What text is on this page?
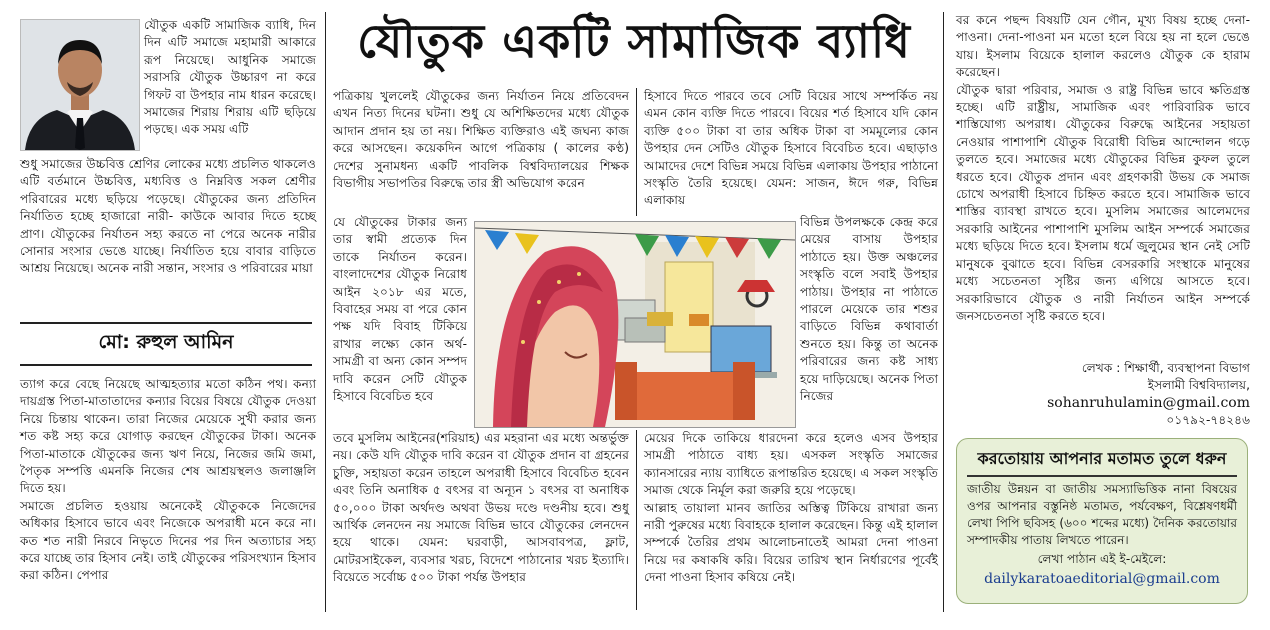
যৌতুক একটি সামাজিক ব্যাধি

যৌতুক একটি সামাজিক ব্যাধি, দিন দিন এটি সমাজে মহামারী আকারে রূপ নিয়েছে। আধুনিক সমাজে সরাসরি যৌতুক উচ্চারণ না করে গিফট বা উপহার নাম ধারন করেছে। সমাজের শিরায় শিরায় এটি ছড়িয়ে পড়ছে। এক সময় এটি

শুধু সমাজের উচ্চবিত্ত শ্রেণির লোকের মধ্যে প্রচলিত থাকলেও এটি বর্তমানে উচ্চবিত্ত, মধ্যবিত্ত ও নিম্নবিত্ত সকল শ্রেণীর পরিবারের মধ্যে ছড়িয়ে পড়েছে। যৌতুকের জন্য প্রতিদিন নির্যাতিত হচ্ছে হাজারো নারী- কাউকে আবার দিতে হচ্ছে প্রাণ। যৌতুকের নির্যাতন সহ্য করতে না পেরে অনেক নারীর সোনার সংসার ভেঙে যাচ্ছে। নির্যাতিত হয়ে বাবার বাড়িতে আশ্রয় নিয়েছে। অনেক নারী সন্তান, সংসার ও পরিবারের মায়া

মো: রুহুল আমিন

ত্যাগ করে বেছে নিয়েছে আত্মহত্যার মতো কঠিন পথ। কন্যা দায়গ্রস্ত পিতা-মাতাতাদের কন্যার বিয়ের বিষয়ে যৌতুক দেওয়া নিয়ে চিন্তায় থাকেন। তারা নিজের মেয়েকে সুখী করার জন্য শত কষ্ট সহ্য করে যোগাড় করছেন যৌতুকের টাকা। অনেক পিতা-মাতাকে যৌতুকের জন্য ঋণ নিয়ে, নিজের জমি জমা, পৈতৃক সম্পত্তি এমনকি নিজের শেষ আশ্রয়স্থলও জলাঞ্জলি দিতে হয়।

সমাজে প্রচলিত হওয়ায় অনেকেই যৌতুককে নিজেদের অধিকার হিসাবে ভাবে এবং নিজেকে অপরাধী মনে করে না। কত শত নারী নিরবে নিভৃতে দিনের পর দিন অত্যাচার সহ্য করে যাচ্ছে তার হিসাব নেই। তাই যৌতুকের পরিসংখ্যান হিসাব করা কঠিন। পেপার

পত্রিকায় খুললেই যৌতুকের জন্য নির্যাতন নিয়ে প্রতিবেদন এখন নিত্য দিনের ঘটনা। শুধু যে অশিক্ষিতদের মধ্যে যৌতুক আদান প্রদান হয় তা নয়। শিক্ষিত ব্যক্তিরাও এই জঘন্য কাজ করে আসছেন। কয়েকদিন আগে পত্রিকায় ( কালের কণ্ঠ) দেশের সুনামধন্য একটি পাবলিক বিশ্ববিদ্যালয়ের শিক্ষক বিভাগীয় সভাপতির বিরুদ্ধে তার স্ত্রী অভিযোগ করেন

যে যৌতুকের টাকার জন্য তার স্বামী প্রত্যেক দিন তাকে নির্যাতন করেন। বাংলাদেশের যৌতুক নিরোধ আইন ২০১৮ এর মতে, বিবাহের সময় বা পরে কোন পক্ষ যদি বিবাহ টিকিয়ে রাখার লক্ষ্যে কোন অর্থ-সামগ্রী বা অন্য কোন সম্পদ দাবি করেন সেটি যৌতুক হিসাবে বিবেচিত হবে

তবে মুসলিম আইনের(শরিয়াহ) এর মহরানা এর মধ্যে অন্তর্ভুক্ত নয়। কেউ যদি যৌতুক দাবি করেন বা যৌতুক প্রদান বা গ্রহনের চুক্তি, সহায়তা করেন তাহলে অপরাধী হিসাবে বিবেচিত হবেন এবং তিনি অনাধিক ৫ বৎসর বা অন্যূন ১ বৎসর বা অনাধিক ৫০,০০০ টাকা অর্থদণ্ড অথবা উভয় দণ্ডে দণ্ডনীয় হবে। শুধু আর্থিক লেনদেন নয় সমাজে বিভিন্ন ভাবে যৌতুকের লেনদেন হয়ে থাকে। যেমন: ঘরবাড়ী, আসবাবপত্র, ফ্লাট, মোটরসাইকেল, ব্যবসার খরচ, বিদেশে পাঠানোর খরচ ইত্যাদি। বিয়েতে সর্বোচ্চ ৫০০ টাকা পর্যন্ত উপহার

হিসাবে দিতে পারবে তবে সেটি বিয়ের সাথে সম্পর্কিত নয় এমন কোন ব্যক্তি দিতে পারবে। বিয়ের শর্ত হিসাবে যদি কোন ব্যক্তি ৫০০ টাকা বা তার অধিক টাকা বা সমমূল্যের কোন উপহার দেন সেটিও যৌতুক হিসাবে বিবেচিত হবে। এছাড়াও আমাদের দেশে বিভিন্ন সময়ে বিভিন্ন এলাকায় উপহার পাঠানো সংস্কৃতি তৈরি হয়েছে। যেমন: সাজন, ঈদে গরু, বিভিন্ন এলাকায়

বিভিন্ন উপলক্ষকে কেন্দ্র করে মেয়ের বাসায় উপহার পাঠাতে হয়। উক্ত অঞ্চলের সংস্কৃতি বলে সবাই উপহার পাঠায়। উপহার না পাঠাতে পারলে মেয়েকে তার শশুর বাড়িতে বিভিন্ন কথাবার্তা শুনতে হয়। কিন্তু তা অনেক পরিবারের জন্য কষ্ট সাধ্য হয়ে দাড়িয়েছে। অনেক পিতা নিজের

মেয়ের দিকে তাকিয়ে ধারদেনা করে হলেও এসব উপহার সামগ্রী পাঠাতে বাধ্য হয়। এসকল সংস্কৃতি সমাজের ক্যানসারের ন্যায় ব্যাধিতে রূপান্তরিত হয়েছে। এ সকল সংস্কৃতি সমাজ থেকে নির্মূল করা জরুরি হয়ে পড়েছে।

আল্লাহ তায়ালা মানব জাতির অস্তিত্ব টিকিয়ে রাখারা জন্য নারী পুরুষের মধ্যে বিবাহকে হালাল করেছেন। কিন্তু এই হালাল সম্পর্কে তৈরির প্রথম আলোচনাতেই আমরা দেনা পাওনা নিয়ে দর কষাকষি করি। বিয়ের তারিখ স্থান নির্ধারণের পূর্বেই দেনা পাওনা হিসাব কষিয়ে নেই।

বর কনে পছন্দ বিষয়টি যেন গৌন, মূখ্য বিষয় হচ্ছে দেনা-পাওনা। দেনা-পাওনা মন মতো হলে বিয়ে হয় না হলে ভেঙে যায়। ইসলাম বিয়েকে হালাল করলেও যৌতুক কে হারাম করেছেন।

যৌতুক দ্বারা পরিবার, সমাজ ও রাষ্ট্র বিভিন্ন ভাবে ক্ষতিগ্রস্ত হচ্ছে। এটি রাষ্ট্রীয়, সামাজিক এবং পারিবারিক ভাবে শাস্তিযোগ্য অপরাধ। যৌতুকের বিরুদ্ধে আইনের সহায়তা নেওয়ার পাশাপাশি যৌতুক বিরোধী বিভিন্ন আন্দোলন গড়ে তুলতে হবে। সমাজের মধ্যে যৌতুকের বিভিন্ন কুফল তুলে ধরতে হবে। যৌতুক প্রদান এবং গ্রহণকারী উভয় কে সমাজ চোখে অপরাধী হিসাবে চিহ্নিত করতে হবে। সামাজিক ভাবে শাস্তির ব্যাবস্থা রাখতে হবে। মুসলিম সমাজের আলেমদের সরকারি আইনের পাশাপাশি মুসলিম আইন সম্পর্কে সমাজের মধ্যে ছড়িয়ে দিতে হবে। ইসলাম ধর্মে জুলুমের স্থান নেই সেটি মানুষকে বুঝাতে হবে। বিভিন্ন বেসরকারি সংস্থাকে মানুষের মধ্যে সচেতনতা সৃষ্টির জন্য এগিয়ে আসতে হবে। সরকারিভাবে যৌতুক ও নারী নির্যাতন আইন সম্পর্কে জনসচেতনতা সৃষ্টি করতে হবে।

লেখক : শিক্ষার্থী, ব্যবস্থাপনা বিভাগ
ইসলামী বিশ্ববিদ্যালয়,
sohanruhulamin@gmail.com
০১৭৯২-৭৪২৪৬
করতোয়ায় আপনার মতামত তুলে ধরুন
জাতীয় উন্নয়ন বা জাতীয় সমস্যাভিত্তিক নানা বিষয়ের ওপর আপনার বস্তুনিষ্ঠ মতামত, পর্যবেক্ষণ, বিশ্লেষণধর্মী লেখা পিপি ছবিসহ (৬০০ শব্দের মধ্যে) দৈনিক করতোয়ার সম্পাদকীয় পাতায় লিখতে পারেন।
লেখা পাঠান এই ই-মেইলে:
dailykaratoaeditorial@gmail.com
